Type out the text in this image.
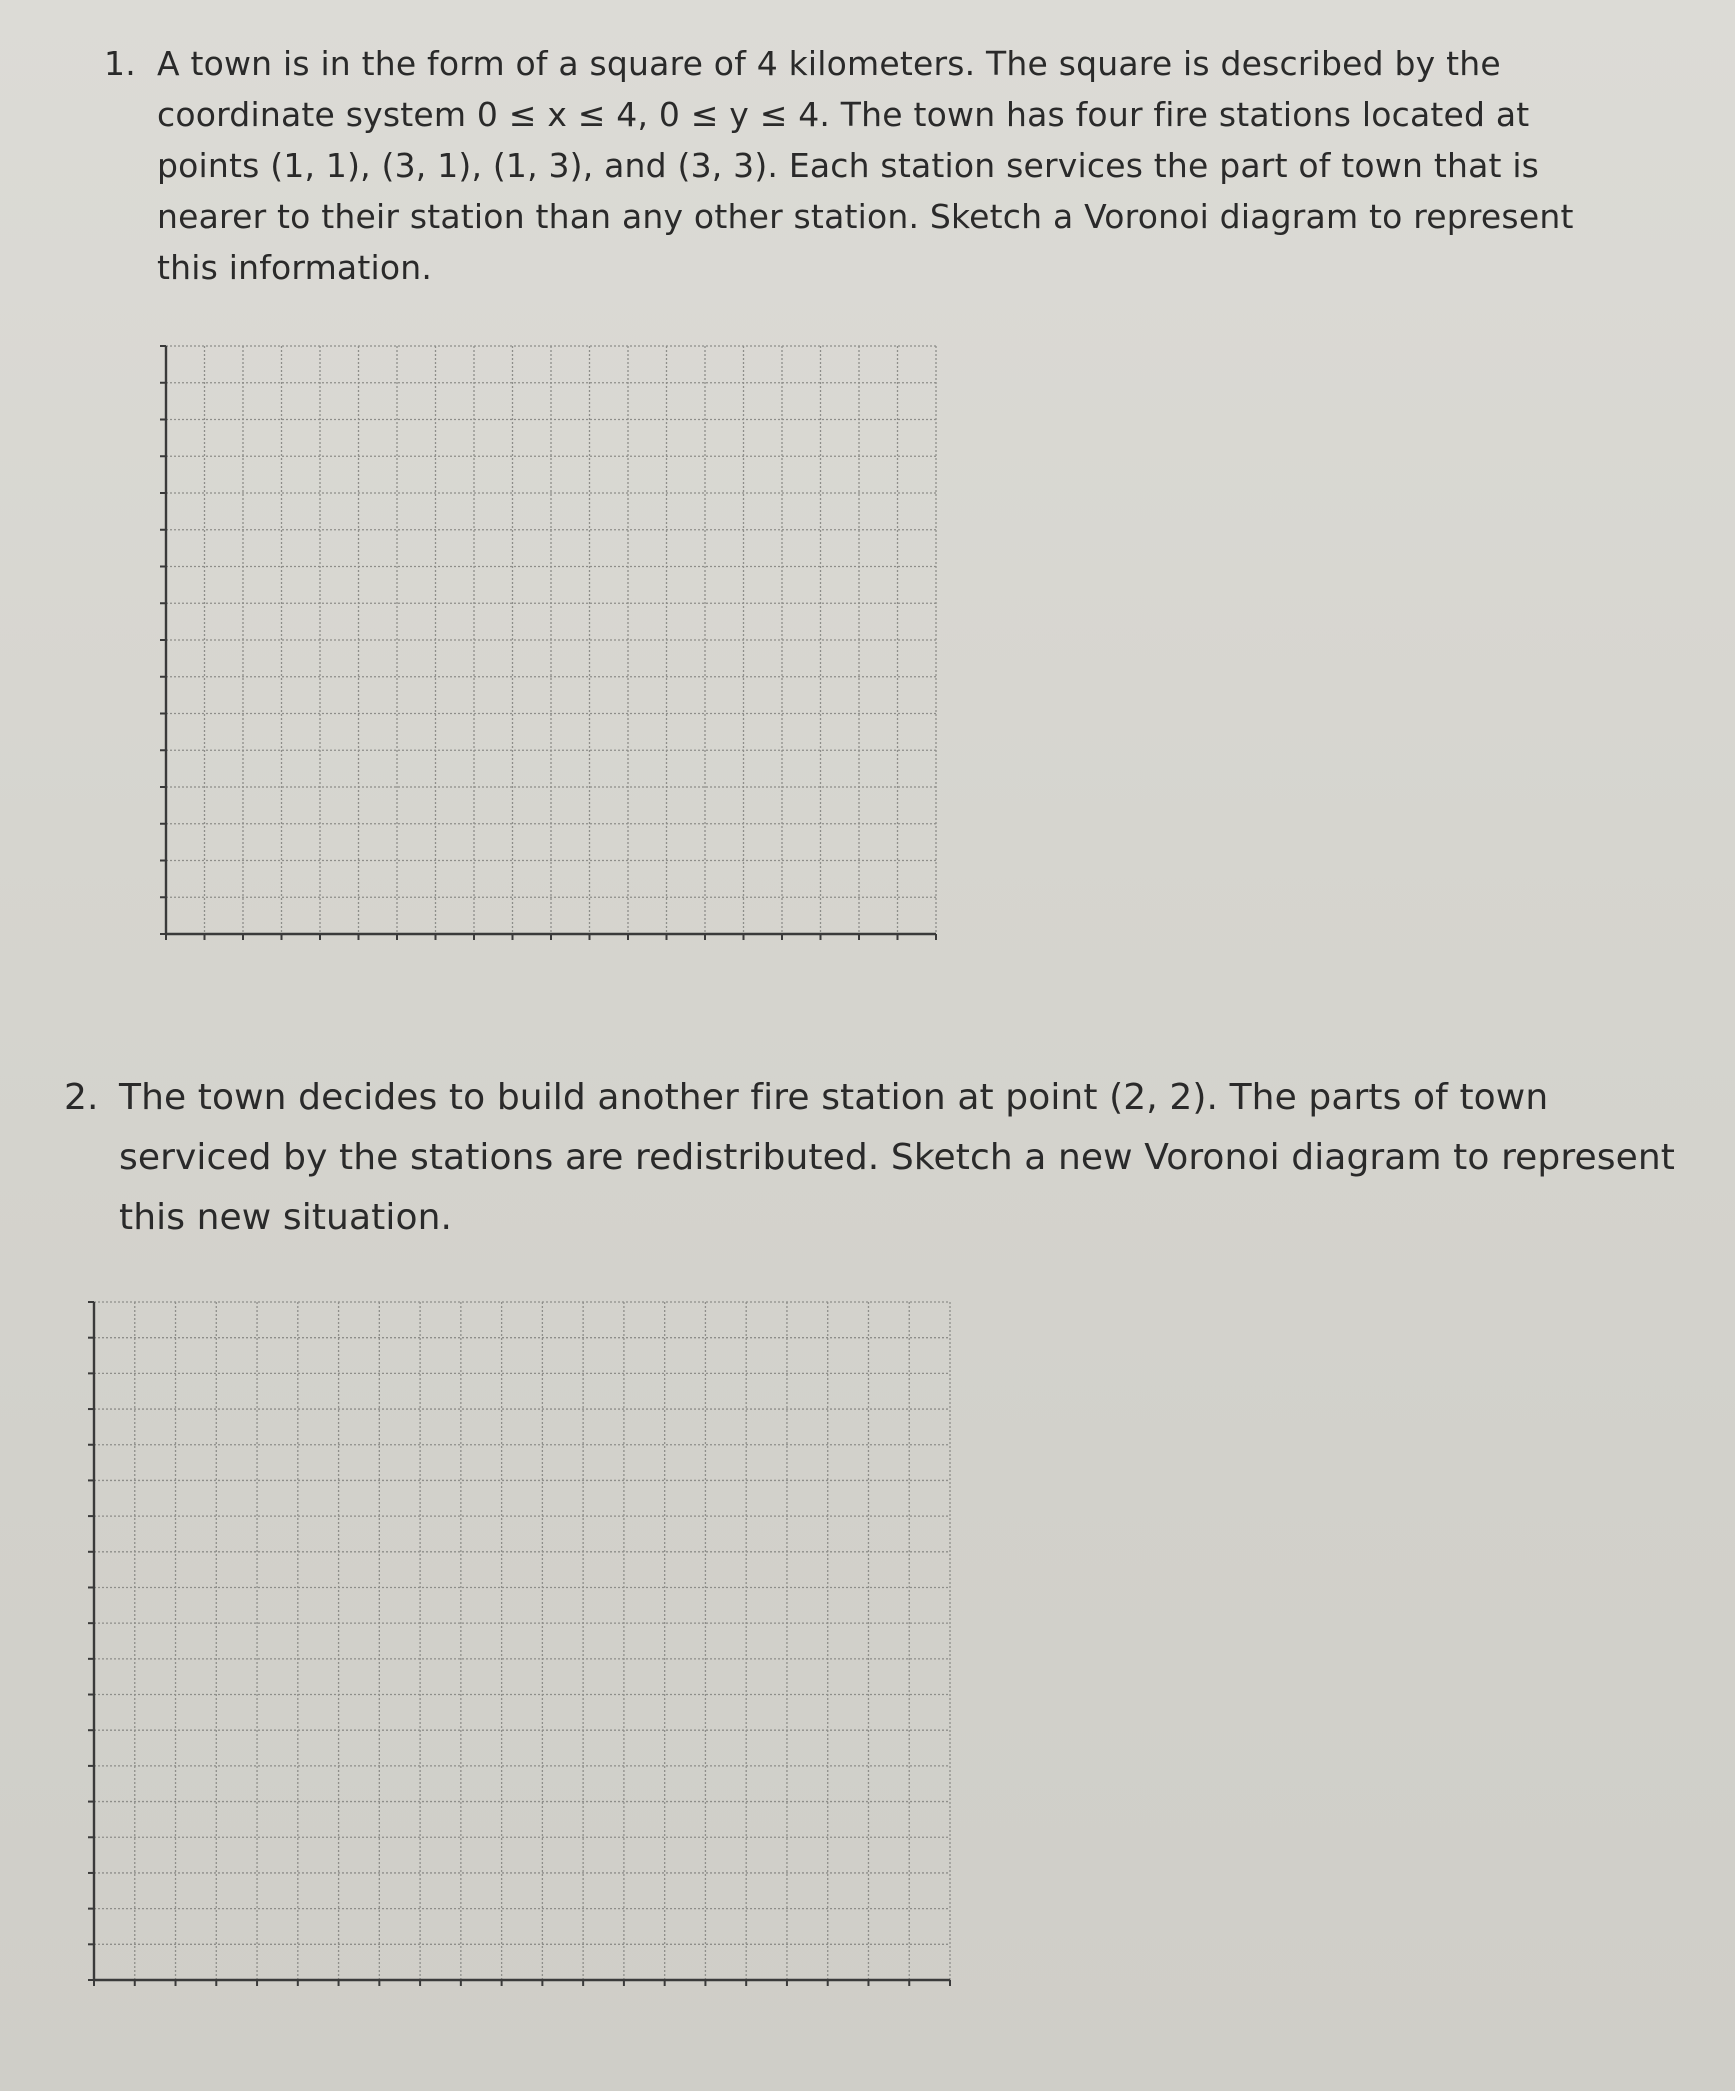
1. A town is in the form of a square of 4 kilometers. The square is described by the coordinate system 0 ≤ x ≤ 4, 0 ≤ y ≤ 4. The town has four fire stations located at points (1, 1), (3, 1), (1, 3), and (3, 3). Each station services the part of town that is nearer to their station than any other station. Sketch a Voronoi diagram to represent this information.
2. The town decides to build another fire station at point (2, 2). The parts of town serviced by the stations are redistributed. Sketch a new Voronoi diagram to represent this new situation.
